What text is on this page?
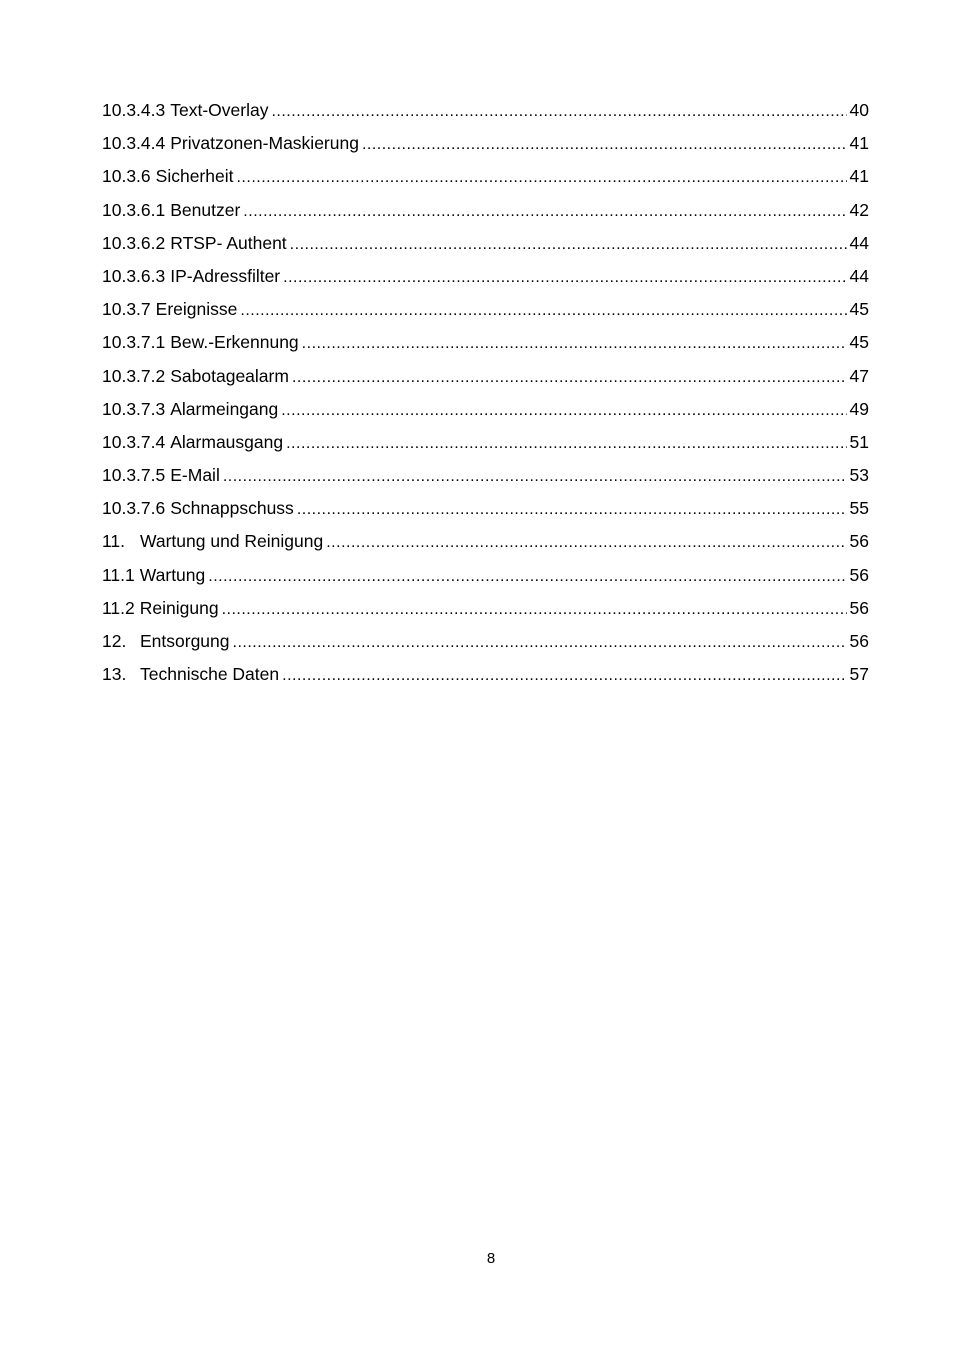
10.3.4.3 Text-Overlay .....	40
10.3.4.4 Privatzonen-Maskierung .....	41
10.3.6 Sicherheit .....	41
10.3.6.1 Benutzer .....	42
10.3.6.2 RTSP- Authent .....	44
10.3.6.3 IP-Adressfilter .....	44
10.3.7 Ereignisse .....	45
10.3.7.1 Bew.-Erkennung .....	45
10.3.7.2 Sabotagealarm .....	47
10.3.7.3 Alarmeingang .....	49
10.3.7.4 Alarmausgang .....	51
10.3.7.5 E-Mail .....	53
10.3.7.6 Schnappschuss .....	55
11. Wartung und Reinigung .....	56
11.1 Wartung .....	56
11.2 Reinigung .....	56
12. Entsorgung .....	56
13. Technische Daten .....	57
8
